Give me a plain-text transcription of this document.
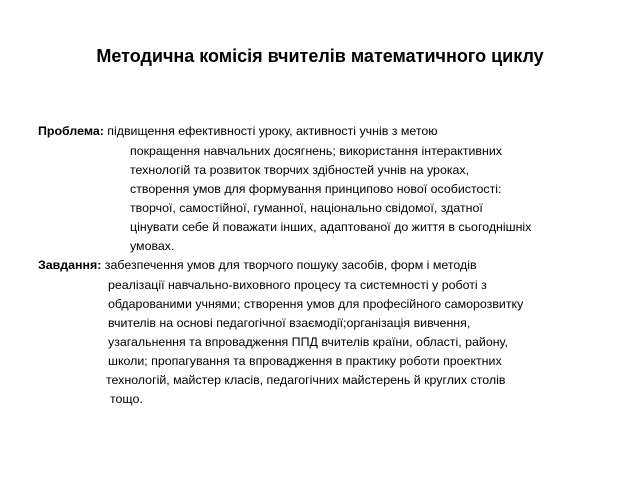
Методична комісія вчителів математичного циклу
Проблема: підвищення ефективності уроку, активності учнів з метою
покращення навчальних досягнень; використання інтерактивних
технологій та розвиток творчих здібностей учнів на уроках,
створення умов для формування принципово нової особистості:
творчої, самостійної, гуманної, національно свідомої, здатної
цінувати себе й поважати інших, адаптованої до життя в сьогоднішніх
умовах.
Завдання: забезпечення умов для творчого пошуку засобів, форм і методів
реалізації навчально-виховного процесу та системності у роботі з
обдарованими учнями; створення умов для професійного саморозвитку
вчителів на основі педагогічної взаємодії;організація вивчення,
узагальнення та впровадження ППД вчителів країни, області, району,
школи; пропагування та впровадження в практику роботи проектних
технологій, майстер класів, педагогічних майстерень й круглих столів
тощо.
